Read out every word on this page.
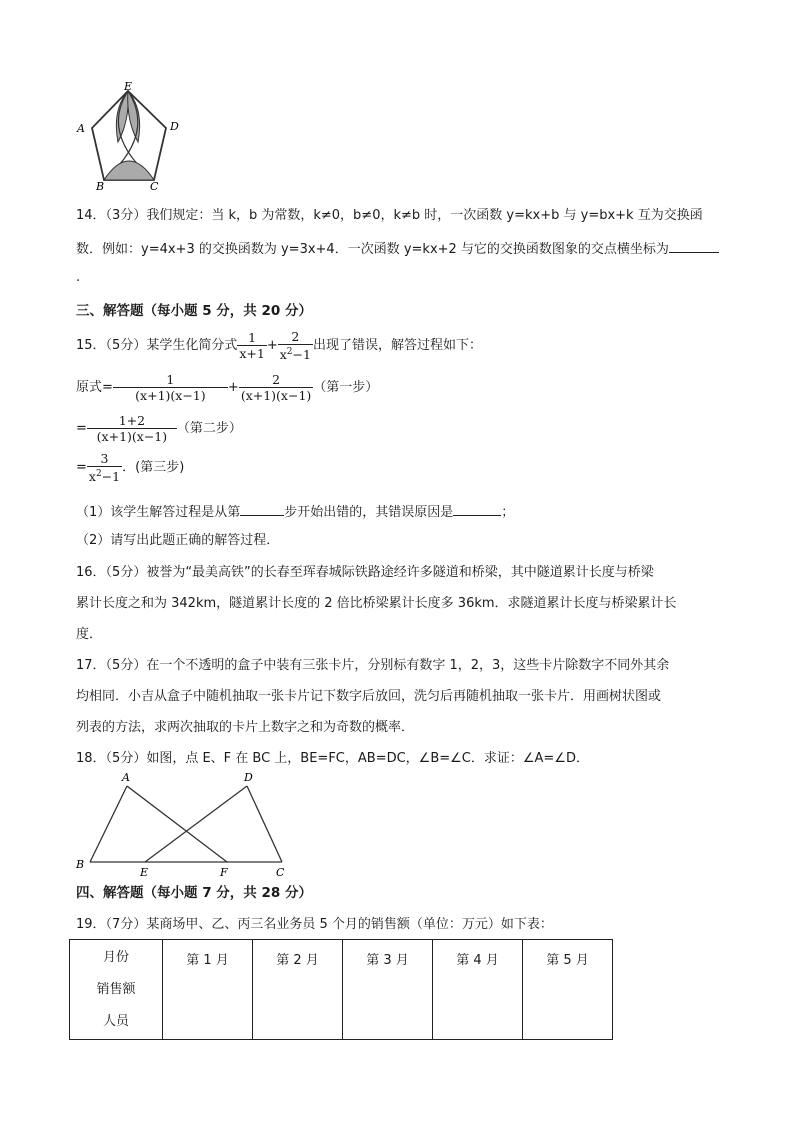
E
A	D
B	C
14．（3分）我们规定：当 k，b 为常数，k≠0，b≠0，k≠b 时，一次函数 y=kx+b 与 y=bx+k 互为交换函
数．例如：y=4x+3 的交换函数为 y=3x+4．一次函数 y=kx+2 与它的交换函数图象的交点横坐标为
.
三、解答题（每小题 5 分，共 20 分）
15．（5分）某学生化简分式 $\frac{1}{x+1} + \frac{2}{x^2-1}$ 出现了错误，解答过程如下：
原式= $\frac{1}{(x+1)(x-1)} + \frac{2}{(x+1)(x-1)}$ （第一步）
= $\frac{1+2}{(x+1)(x-1)}$ （第二步）
= $\frac{3}{x^2-1}$ ．(第三步)
（1）该学生解答过程是从第	步开始出错的，其错误原因是	；
（2）请写出此题正确的解答过程．
16．（5分）被誉为“最美高铁”的长春至珲春城际铁路途经许多隧道和桥梁，其中隧道累计长度与桥梁
累计长度之和为 342km，隧道累计长度的 2 倍比桥梁累计长度多 36km．求隧道累计长度与桥梁累计长
度．
17．（5分）在一个不透明的盒子中装有三张卡片，分别标有数字 1，2，3，这些卡片除数字不同外其余
均相同．小吉从盒子中随机抽取一张卡片记下数字后放回，洗匀后再随机抽取一张卡片．用画树状图或
列表的方法，求两次抽取的卡片上数字之和为奇数的概率．
18．（5分）如图，点 E、F 在 BC 上，BE=FC，AB=DC，∠B=∠C．求证：∠A=∠D．
A	D
B
E	F	C
四、解答题（每小题 7 分，共 28 分）
19．（7分）某商场甲、乙、丙三名业务员 5 个月的销售额（单位：万元）如下表：
月份
销售额
人员
	第 1 月	第 2 月	第 3 月	第 4 月	第 5 月
